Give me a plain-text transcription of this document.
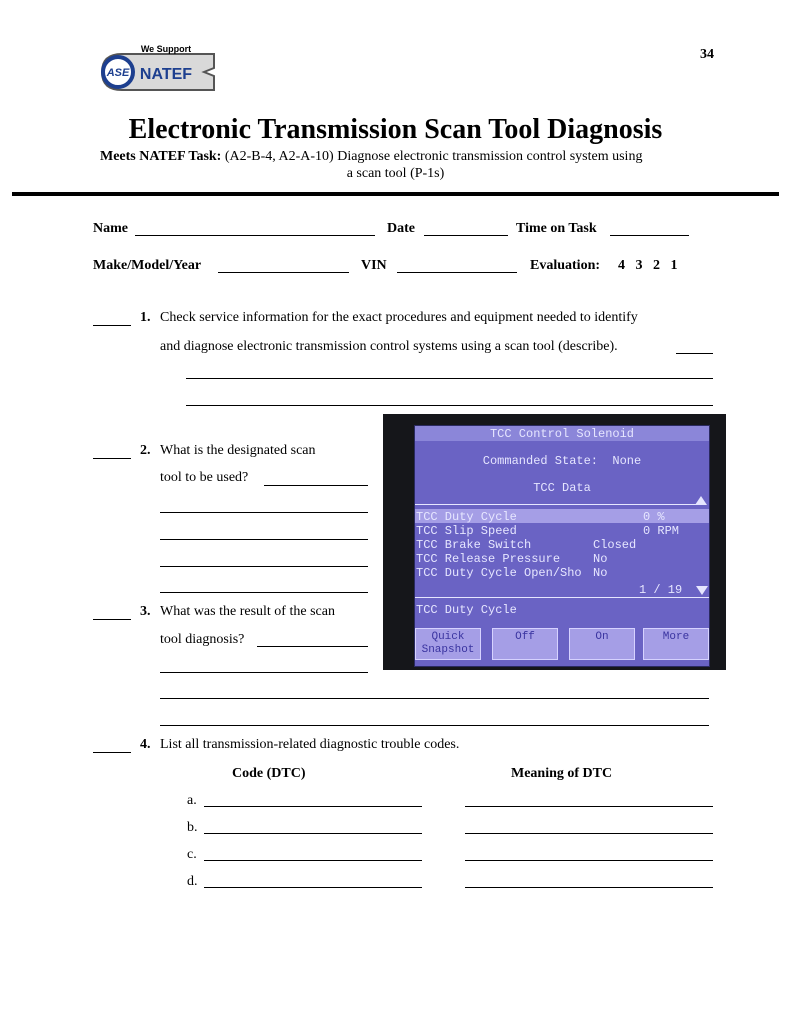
ASE
We Support
NATEF
34
Electronic Transmission Scan Tool Diagnosis
Meets NATEF Task: (A2-B-4, A2-A-10) Diagnose electronic transmission control system using
a scan tool (P-1s)
Name	Date	Time on Task
Make/Model/Year	VIN	Evaluation: 4   3   2   1
1. Check service information for the exact procedures and equipment needed to identify
and diagnose electronic transmission control systems using a scan tool (describe).
2. What is the designated scan
tool to be used?
3. What was the result of the scan
tool diagnosis?
TCC Control Solenoid
Commanded State:  None
TCC Data
TCC Duty Cycle	0 %
TCC Slip Speed	0 RPM
TCC Brake Switch	Closed
TCC Release Pressure	No
TCC Duty Cycle Open/Sho No
1 / 19
TCC Duty Cycle
Quick
Snapshot
Off	On	More
4. List all transmission-related diagnostic trouble codes.
Code (DTC)	Meaning of DTC
a.
b.
c.
d.
